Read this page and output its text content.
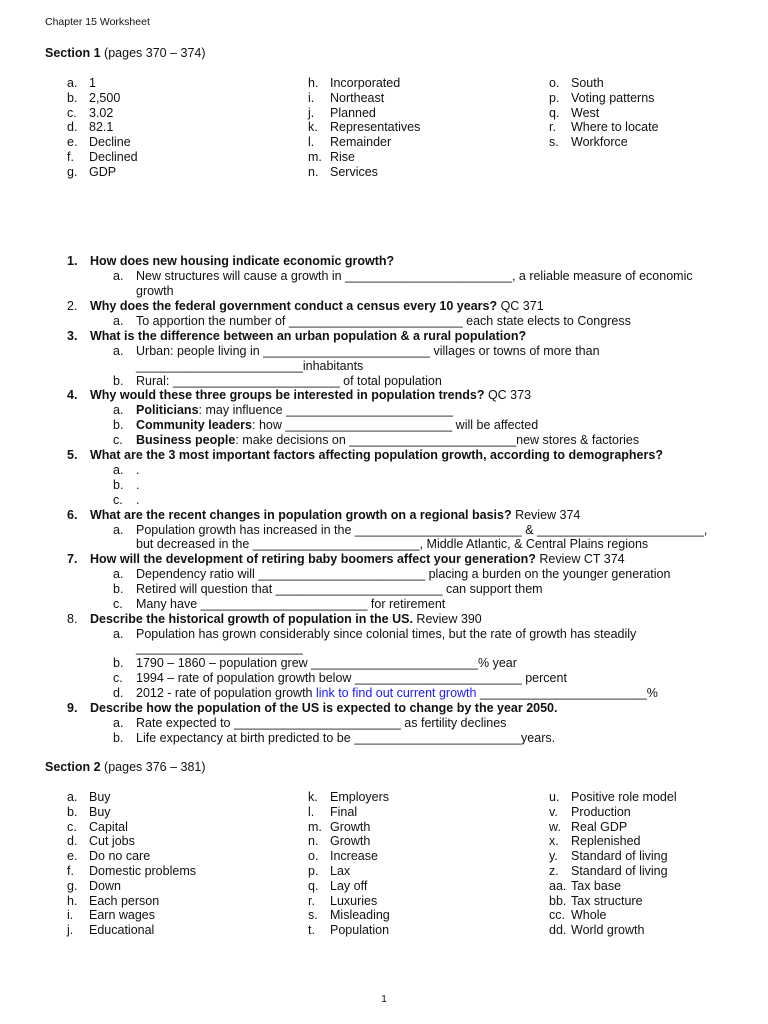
Chapter 15 Worksheet
Section 1 (pages 370 – 374)
a. 1
b. 2,500
c. 3.02
d. 82.1
e. Decline
f.	Declined
g. GDP
h. Incorporated
i.	Northeast
j.	Planned
k. Representatives
l.	Remainder
m. Rise
n. Services
o. South
p. Voting patterns
q. West
r.	Where to locate
s. Workforce
1. How does new housing indicate economic growth?
a. New structures will cause a growth in ________________________, a reliable measure of economic
growth
2. Why does the federal government conduct a census every 10 years? QC 371
a. To apportion the number of _________________________ each state elects to Congress
3. What is the difference between an urban population & a rural population?
a. Urban: people living in ________________________ villages or towns of more than
________________________inhabitants
b. Rural: ________________________ of total population
4. Why would these three groups be interested in population trends? QC 373
a. Politicians: may influence ________________________
b. Community leaders: how ________________________ will be affected
c. Business people: make decisions on ________________________new stores & factories
5. What are the 3 most important factors affecting population growth, according to demographers?
a. .
b. .
c. .
6. What are the recent changes in population growth on a regional basis? Review 374
a. Population growth has increased in the ________________________ & ________________________,
but decreased in the ________________________, Middle Atlantic, & Central Plains regions
7. How will the development of retiring baby boomers affect your generation? Review CT 374
a. Dependency ratio will ________________________ placing a burden on the younger generation
b. Retired will question that ________________________ can support them
c. Many have ________________________ for retirement
8. Describe the historical growth of population in the US. Review 390
a. Population has grown considerably since colonial times, but the rate of growth has steadily
________________________
b. 1790 – 1860 – population grew ________________________% year
c. 1994 – rate of population growth below ________________________ percent
d. 2012 - rate of population growth link to find out current growth ________________________%
9. Describe how the population of the US is expected to change by the year 2050.
a. Rate expected to ________________________ as fertility declines
b. Life expectancy at birth predicted to be ________________________years.
Section 2 (pages 376 – 381)
a. Buy
b. Buy
c. Capital
d. Cut jobs
e. Do no care
f.	Domestic problems
g. Down
h. Each person
i.	Earn wages
j.	Educational
k. Employers
l.	Final
m. Growth
n. Growth
o. Increase
p. Lax
q. Lay off
r.	Luxuries
s. Misleading
t.	Population
u. Positive role model
v.	Production
w. Real GDP
x. Replenished
y.	Standard of living
z. Standard of living
aa. Tax base
bb. Tax structure
cc. Whole
dd. World growth
1
